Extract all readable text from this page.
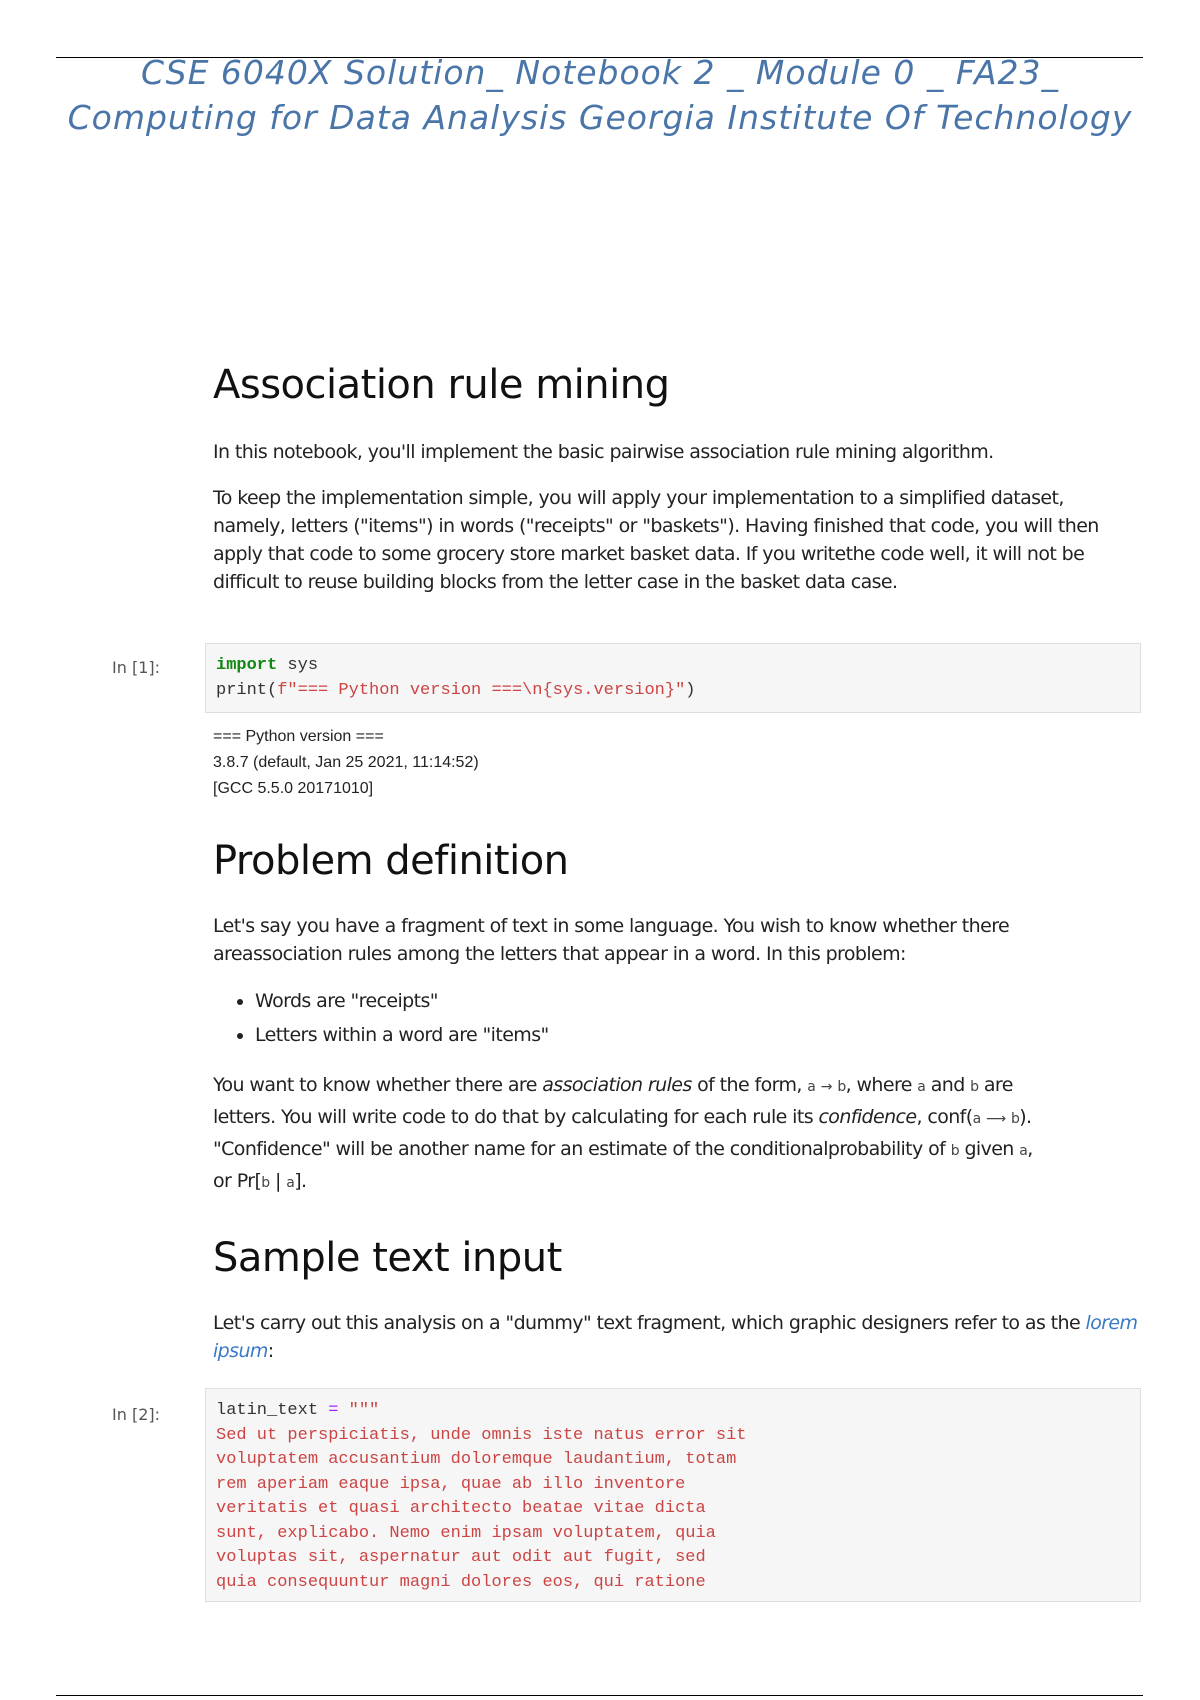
CSE 6040X Solution_ Notebook 2 _ Module 0 _ FA23_ Computing for Data Analysis Georgia Institute Of Technology
Association rule mining

In this notebook, you'll implement the basic pairwise association rule mining algorithm.

To keep the implementation simple, you will apply your implementation to a simplified dataset, namely, letters ("items") in words ("receipts" or "baskets"). Having finished that code, you will then apply that code to some grocery store market basket data. If you writethe code well, it will not be difficult to reuse building blocks from the letter case in the basket data case.

In [1]:	import sys
print(f"=== Python version ===\n{sys.version}")
=== Python version ===
3.8.7 (default, Jan 25 2021, 11:14:52)
[GCC 5.5.0 20171010]
Problem definition

Let's say you have a fragment of text in some language. You wish to know whether there areassociation rules among the letters that appear in a word. In this problem:

• Words are "receipts"
• Letters within a word are "items"

You want to know whether there are association rules of the form, a → b, where a and b are letters. You will write code to do that by calculating for each rule its confidence, conf(a ⟶ b). "Confidence" will be another name for an estimate of the conditionalprobability of b given a, or Pr[b | a].

Sample text input

Let's carry out this analysis on a "dummy" text fragment, which graphic designers refer to as the lorem ipsum:

In [2]:	latin_text = """
Sed ut perspiciatis, unde omnis iste natus error sit
voluptatem accusantium doloremque laudantium, totam
rem aperiam eaque ipsa, quae ab illo inventore
veritatis et quasi architecto beatae vitae dicta
sunt, explicabo. Nemo enim ipsam voluptatem, quia
voluptas sit, aspernatur aut odit aut fugit, sed
quia consequuntur magni dolores eos, qui ratione
